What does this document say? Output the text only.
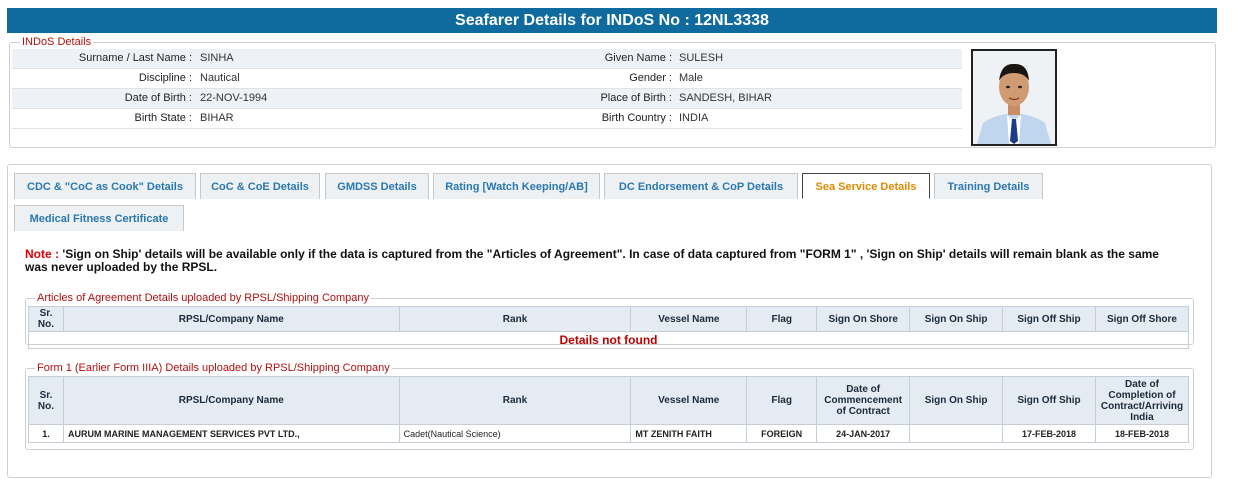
Seafarer Details for INDoS No : 12NL3338
INDoS Details
Surname / Last Name : SINHA	Given Name : SULESH
Discipline : Nautical	Gender : Male
Date of Birth : 22-NOV-1994	Place of Birth : SANDESH, BIHAR
Birth State : BIHAR	Birth Country : INDIA
CDC & "CoC as Cook" Details	CoC & CoE Details	GMDSS Details	Rating [Watch Keeping/AB]	DC Endorsement & CoP Details	Sea Service Details	Training Details
Medical Fitness Certificate
Note : 'Sign on Ship' details will be available only if the data is captured from the "Articles of Agreement". In case of data captured from "FORM 1" , 'Sign on Ship' details will remain blank as the same was never uploaded by the RPSL.
Articles of Agreement Details uploaded by RPSL/Shipping Company
Sr. No.	RPSL/Company Name	Rank	Vessel Name	Flag	Sign On Shore	Sign On Ship	Sign Off Ship	Sign Off Shore
Details not found
Form 1 (Earlier Form IIIA) Details uploaded by RPSL/Shipping Company
Sr. No.	RPSL/Company Name	Rank	Vessel Name	Flag	Date of Commencement of Contract	Sign On Ship	Sign Off Ship	Date of Completion of Contract/Arriving India
1.	AURUM MARINE MANAGEMENT SERVICES PVT LTD.,	Cadet(Nautical Science)	MT ZENITH FAITH	FOREIGN	24-JAN-2017		17-FEB-2018	18-FEB-2018
